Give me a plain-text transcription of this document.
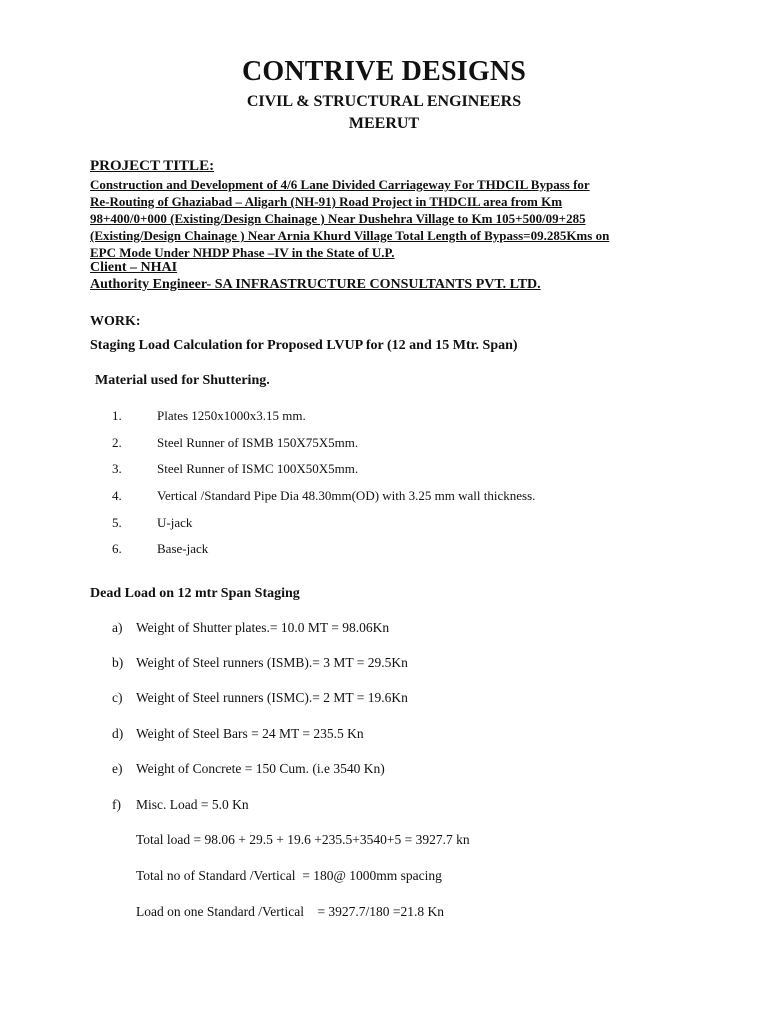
CONTRIVE DESIGNS
CIVIL & STRUCTURAL ENGINEERS
MEERUT
PROJECT TITLE:
Construction and Development of 4/6 Lane Divided Carriageway For THDCIL Bypass for
Re-Routing of Ghaziabad – Aligarh (NH-91) Road Project in THDCIL area from Km
98+400/0+000 (Existing/Design Chainage ) Near Dushehra Village to Km 105+500/09+285
(Existing/Design Chainage ) Near Arnia Khurd Village Total Length of Bypass=09.285Kms on
EPC Mode Under NHDP Phase –IV in the State of U.P.
Client – NHAI
Authority Engineer- SA INFRASTRUCTURE CONSULTANTS PVT. LTD.
WORK:
Staging Load Calculation for Proposed LVUP for (12 and 15 Mtr. Span)
Material used for Shuttering.
1.	Plates 1250x1000x3.15 mm.
2.	Steel Runner of ISMB 150X75X5mm.
3.	Steel Runner of ISMC 100X50X5mm.
4.	Vertical /Standard Pipe Dia 48.30mm(OD) with 3.25 mm wall thickness.
5.	U-jack
6.	Base-jack
Dead Load on 12 mtr Span Staging
a) Weight of Shutter plates.= 10.0 MT = 98.06Kn
b) Weight of Steel runners (ISMB).= 3 MT = 29.5Kn
c) Weight of Steel runners (ISMC).= 2 MT = 19.6Kn
d) Weight of Steel Bars = 24 MT = 235.5 Kn
e) Weight of Concrete = 150 Cum. (i.e 3540 Kn)
f) Misc. Load = 5.0 Kn
Total load = 98.06 + 29.5 + 19.6 +235.5+3540+5 = 3927.7 kn
Total no of Standard /Vertical  = 180@ 1000mm spacing
Load on one Standard /Vertical    = 3927.7/180 =21.8 Kn
